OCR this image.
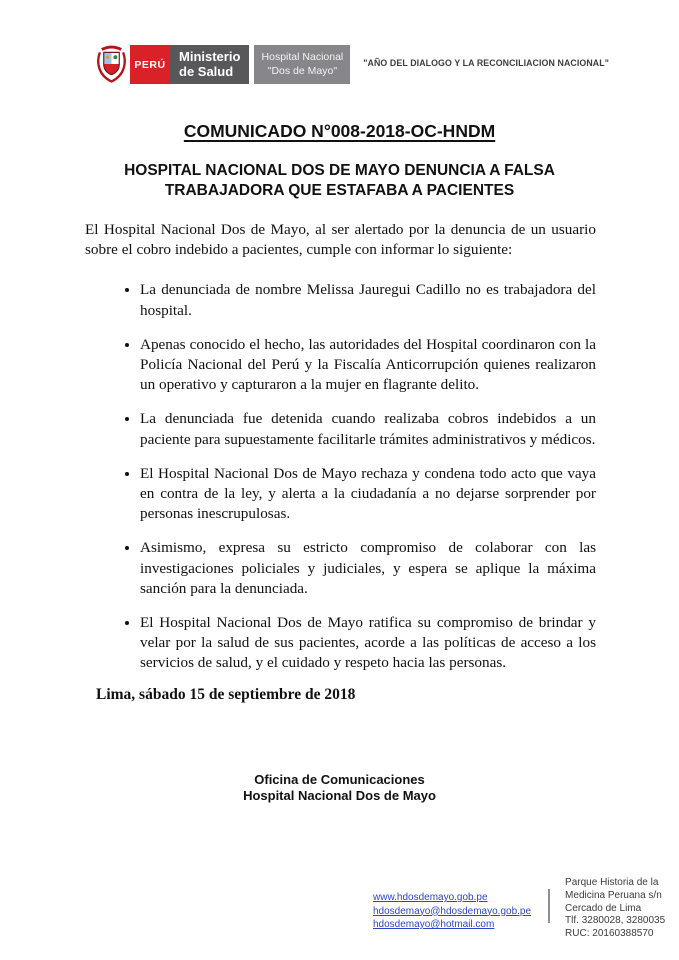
PERÚ
Ministerio
de Salud
Hospital Nacional
"Dos de Mayo"
"AÑO DEL DIALOGO Y LA RECONCILIACION NACIONAL"
COMUNICADO N°008-2018-OC-HNDM
HOSPITAL NACIONAL DOS DE MAYO DENUNCIA A FALSA TRABAJADORA QUE ESTAFABA A PACIENTES

El Hospital Nacional Dos de Mayo, al ser alertado por la denuncia de un usuario sobre el cobro indebido a pacientes, cumple con informar lo siguiente:

• La denunciada de nombre Melissa Jauregui Cadillo no es trabajadora del hospital.
• Apenas conocido el hecho, las autoridades del Hospital coordinaron con la Policía Nacional del Perú y la Fiscalía Anticorrupción quienes realizaron un operativo y capturaron a la mujer en flagrante delito.
• La denunciada fue detenida cuando realizaba cobros indebidos a un paciente para supuestamente facilitarle trámites administrativos y médicos.
• El Hospital Nacional Dos de Mayo rechaza y condena todo acto que vaya en contra de la ley, y alerta a la ciudadanía a no dejarse sorprender por personas inescrupulosas.
• Asimismo, expresa su estricto compromiso de colaborar con las investigaciones policiales y judiciales, y espera se aplique la máxima sanción para la denunciada.
• El Hospital Nacional Dos de Mayo ratifica su compromiso de brindar y velar por la salud de sus pacientes, acorde a las políticas de acceso a los servicios de salud, y el cuidado y respeto hacia las personas.

Lima, sábado 15 de septiembre de 2018

Oficina de Comunicaciones
Hospital Nacional Dos de Mayo
www.hdosdemayo.gob.pe
hdosdemayo@hdosdemayo.gob.pe
hdosdemayo@hotmail.com
Parque Historia de la
Medicina Peruana s/n
Cercado de Lima
Tlf. 3280028, 3280035
RUC: 20160388570
